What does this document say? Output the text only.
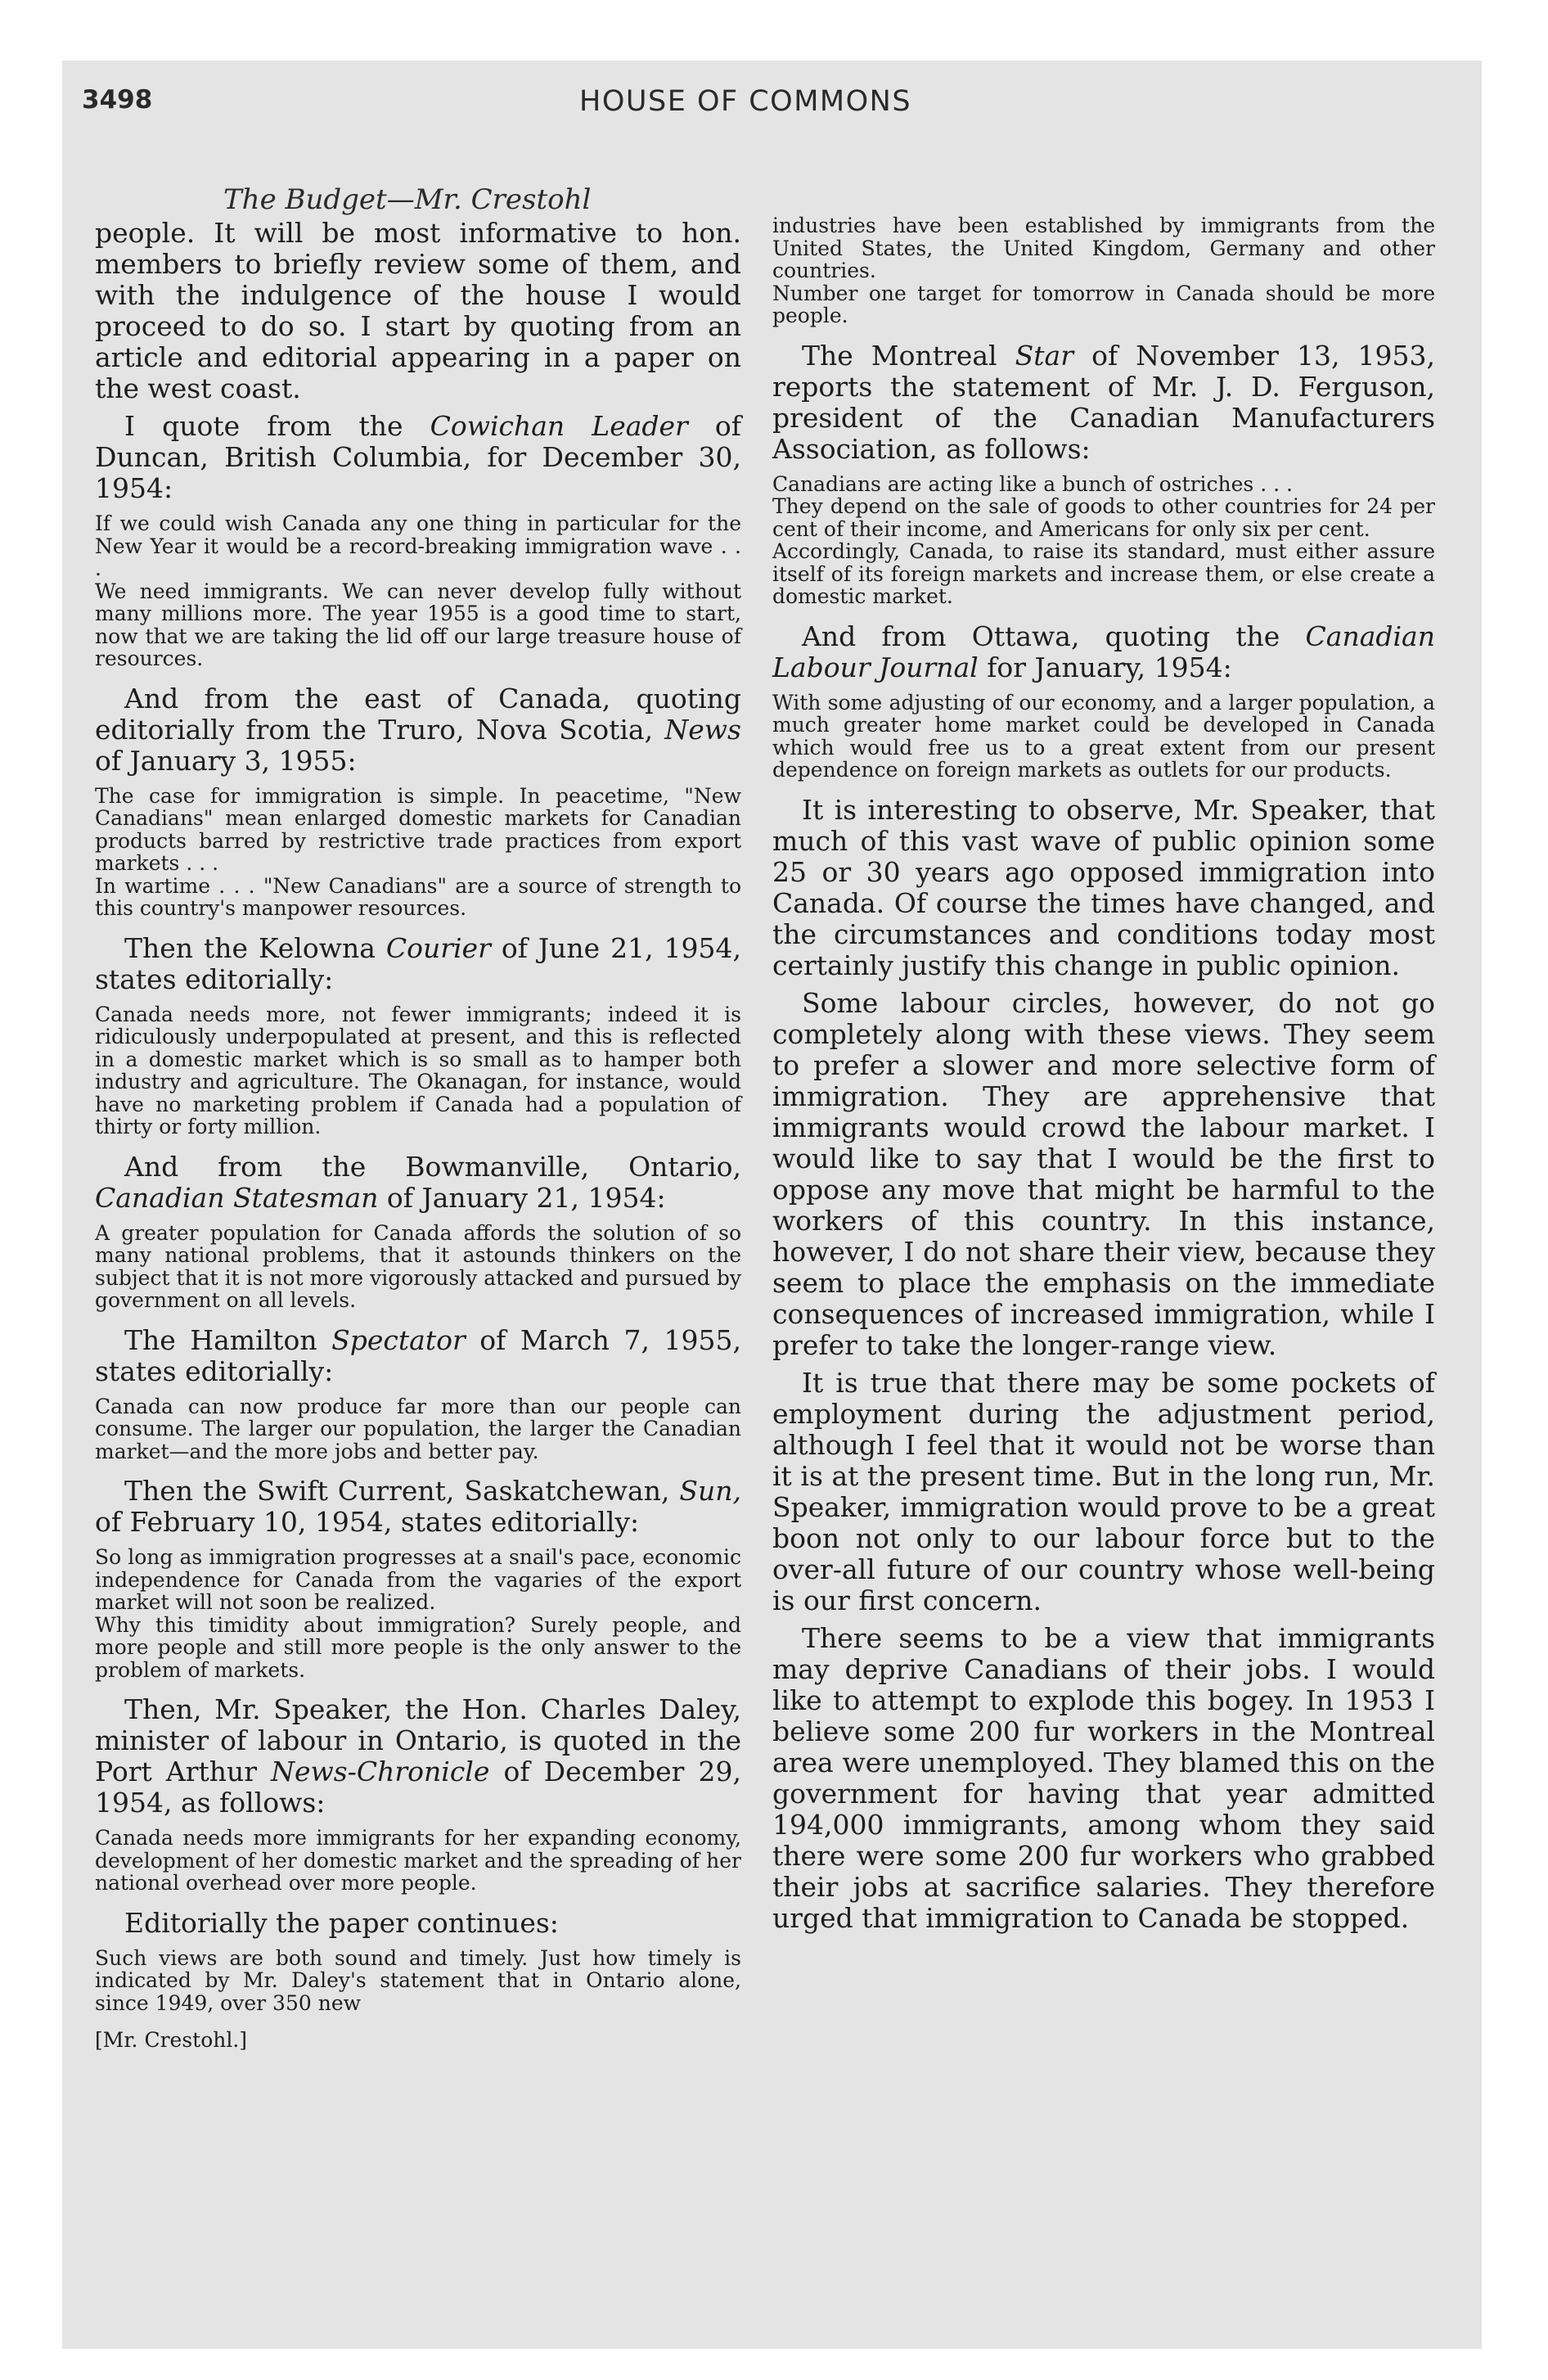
3498	HOUSE OF COMMONS
The Budget—Mr. Crestohl

people. It will be most informative to hon. members to briefly review some of them, and with the indulgence of the house I would proceed to do so. I start by quoting from an article and editorial appearing in a paper on the west coast.

I quote from the Cowichan Leader of Duncan, British Columbia, for December 30, 1954:

If we could wish Canada any one thing in particular for the New Year it would be a record-breaking immigration wave . . .

We need immigrants. We can never develop fully without many millions more. The year 1955 is a good time to start, now that we are taking the lid off our large treasure house of resources.

And from the east of Canada, quoting editorially from the Truro, Nova Scotia, News of January 3, 1955:

The case for immigration is simple. In peacetime, "New Canadians" mean enlarged domestic markets for Canadian products barred by restrictive trade practices from export markets . . .

In wartime . . . "New Canadians" are a source of strength to this country's manpower resources.

Then the Kelowna Courier of June 21, 1954, states editorially:

Canada needs more, not fewer immigrants; indeed it is ridiculously underpopulated at present, and this is reflected in a domestic market which is so small as to hamper both industry and agriculture. The Okanagan, for instance, would have no marketing problem if Canada had a population of thirty or forty million.

And from the Bowmanville, Ontario, Canadian Statesman of January 21, 1954:

A greater population for Canada affords the solution of so many national problems, that it astounds thinkers on the subject that it is not more vigorously attacked and pursued by government on all levels.

The Hamilton Spectator of March 7, 1955, states editorially:

Canada can now produce far more than our people can consume. The larger our population, the larger the Canadian market—and the more jobs and better pay.

Then the Swift Current, Saskatchewan, Sun, of February 10, 1954, states editorially:

So long as immigration progresses at a snail's pace, economic independence for Canada from the vagaries of the export market will not soon be realized.

Why this timidity about immigration? Surely people, and more people and still more people is the only answer to the problem of markets.

Then, Mr. Speaker, the Hon. Charles Daley, minister of labour in Ontario, is quoted in the Port Arthur News-Chronicle of December 29, 1954, as follows:

Canada needs more immigrants for her expanding economy, development of her domestic market and the spreading of her national overhead over more people.

Editorially the paper continues:

Such views are both sound and timely. Just how timely is indicated by Mr. Daley's statement that in Ontario alone, since 1949, over 350 new

[Mr. Crestohl.]

industries have been established by immigrants from the United States, the United Kingdom, Germany and other countries.

Number one target for tomorrow in Canada should be more people.

The Montreal Star of November 13, 1953, reports the statement of Mr. J. D. Ferguson, president of the Canadian Manufacturers Association, as follows:

Canadians are acting like a bunch of ostriches . . .

They depend on the sale of goods to other countries for 24 per cent of their income, and Americans for only six per cent.

Accordingly, Canada, to raise its standard, must either assure itself of its foreign markets and increase them, or else create a domestic market.

And from Ottawa, quoting the Canadian Labour Journal for January, 1954:

With some adjusting of our economy, and a larger population, a much greater home market could be developed in Canada which would free us to a great extent from our present dependence on foreign markets as outlets for our products.

It is interesting to observe, Mr. Speaker, that much of this vast wave of public opinion some 25 or 30 years ago opposed immigration into Canada. Of course the times have changed, and the circumstances and conditions today most certainly justify this change in public opinion.

Some labour circles, however, do not go completely along with these views. They seem to prefer a slower and more selective form of immigration. They are apprehensive that immigrants would crowd the labour market. I would like to say that I would be the first to oppose any move that might be harmful to the workers of this country. In this instance, however, I do not share their view, because they seem to place the emphasis on the immediate consequences of increased immigration, while I prefer to take the longer-range view.

It is true that there may be some pockets of employment during the adjustment period, although I feel that it would not be worse than it is at the present time. But in the long run, Mr. Speaker, immigration would prove to be a great boon not only to our labour force but to the over-all future of our country whose well-being is our first concern.

There seems to be a view that immigrants may deprive Canadians of their jobs. I would like to attempt to explode this bogey. In 1953 I believe some 200 fur workers in the Montreal area were unemployed. They blamed this on the government for having that year admitted 194,000 immigrants, among whom they said there were some 200 fur workers who grabbed their jobs at sacrifice salaries. They therefore urged that immigration to Canada be stopped.
